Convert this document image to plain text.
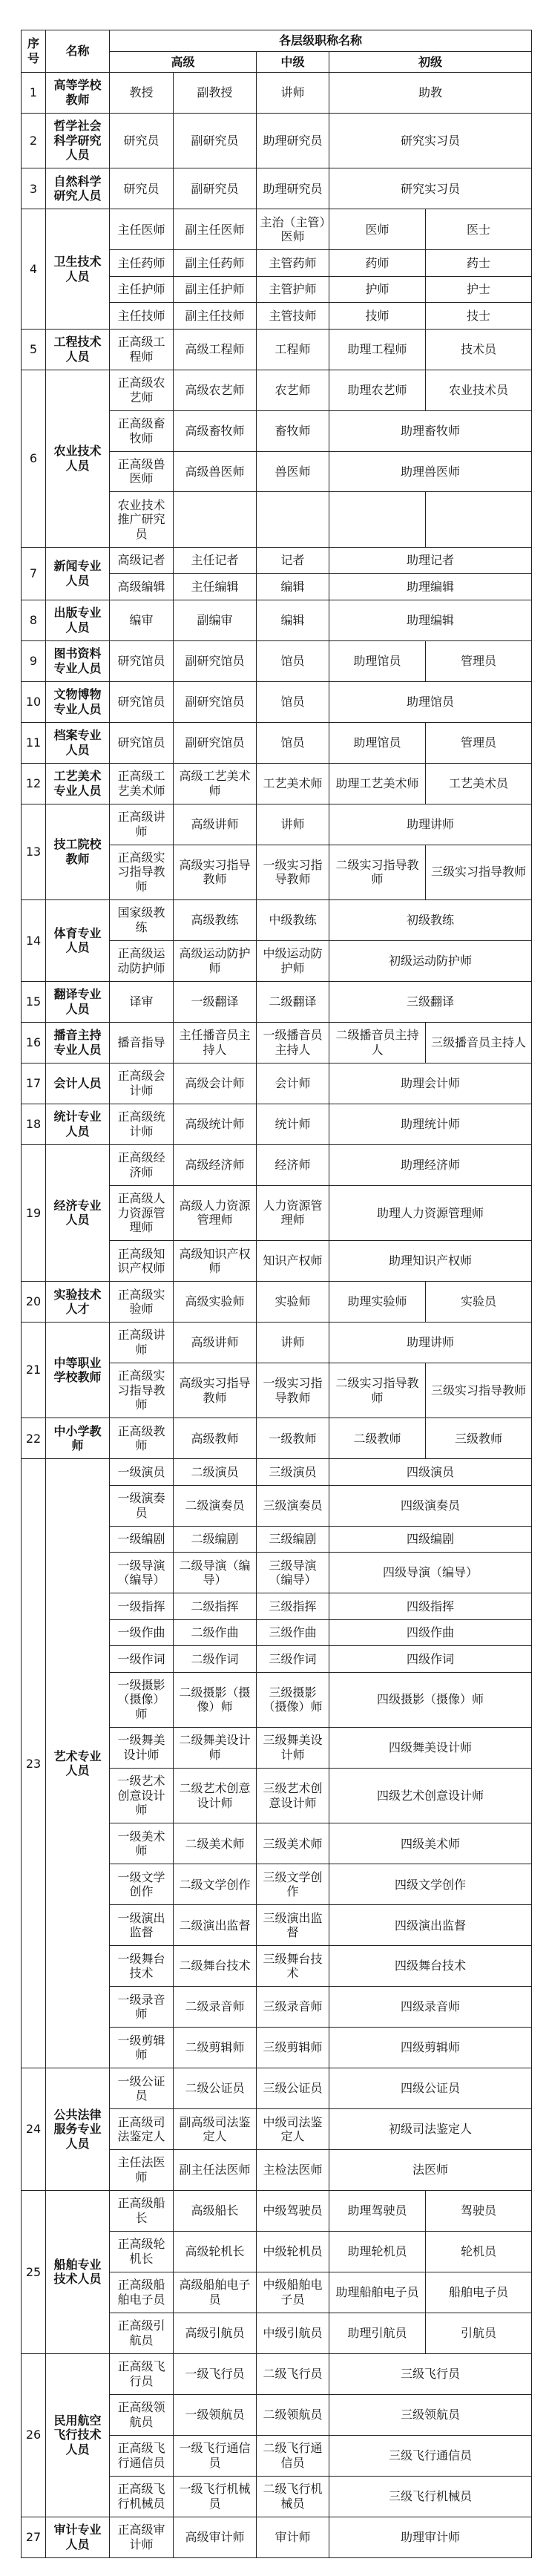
序号	名称	各层级职称名称				
		高级		中级	初级	
1	高等学校教师	教授	副教授	讲师	助教	
2	哲学社会科学研究人员	研究员	副研究员	助理研究员	研究实习员	
3	自然科学研究人员	研究员	副研究员	助理研究员	研究实习员	
4	卫生技术人员	主任医师	副主任医师	主治（主管）医师	医师	医士
		主任药师	副主任药师	主管药师	药师	药士
		主任护师	副主任护师	主管护师	护师	护士
		主任技师	副主任技师	主管技师	技师	技士
5	工程技术人员	正高级工程师	高级工程师	工程师	助理工程师	技术员
6	农业技术人员	正高级农艺师	高级农艺师	农艺师	助理农艺师	农业技术员
		正高级畜牧师	高级畜牧师	畜牧师	助理畜牧师	
		正高级兽医师	高级兽医师	兽医师	助理兽医师	
		农业技术推广研究员				
7	新闻专业人员	高级记者	主任记者	记者	助理记者	
		高级编辑	主任编辑	编辑	助理编辑	
8	出版专业人员	编审	副编审	编辑	助理编辑	
9	图书资料专业人员	研究馆员	副研究馆员	馆员	助理馆员	管理员
10	文物博物专业人员	研究馆员	副研究馆员	馆员	助理馆员	
11	档案专业人员	研究馆员	副研究馆员	馆员	助理馆员	管理员
12	工艺美术专业人员	正高级工艺美术师	高级工艺美术师	工艺美术师	助理工艺美术师	工艺美术员
13	技工院校教师	正高级讲师	高级讲师	讲师	助理讲师	
		正高级实习指导教师	高级实习指导教师	一级实习指导教师	二级实习指导教师	三级实习指导教师
14	体育专业人员	国家级教练	高级教练	中级教练	初级教练	
		正高级运动防护师	高级运动防护师	中级运动防护师	初级运动防护师	
15	翻译专业人员	译审	一级翻译	二级翻译	三级翻译	
16	播音主持专业人员	播音指导	主任播音员主持人	一级播音员主持人	二级播音员主持人	三级播音员主持人
17	会计人员	正高级会计师	高级会计师	会计师	助理会计师	
18	统计专业人员	正高级统计师	高级统计师	统计师	助理统计师	
19	经济专业人员	正高级经济师	高级经济师	经济师	助理经济师	
		正高级人力资源管理师	高级人力资源管理师	人力资源管理师	助理人力资源管理师	
		正高级知识产权师	高级知识产权师	知识产权师	助理知识产权师	
20	实验技术人才	正高级实验师	高级实验师	实验师	助理实验师	实验员
21	中等职业学校教师	正高级讲师	高级讲师	讲师	助理讲师	
		正高级实习指导教师	高级实习指导教师	一级实习指导教师	二级实习指导教师	三级实习指导教师
22	中小学教师	正高级教师	高级教师	一级教师	二级教师	三级教师
23	艺术专业人员	一级演员	二级演员	三级演员	四级演员	
		一级演奏员	二级演奏员	三级演奏员	四级演奏员	
		一级编剧	二级编剧	三级编剧	四级编剧	
		一级导演（编导）	二级导演（编导）	三级导演（编导）	四级导演（编导）	
		一级指挥	二级指挥	三级指挥	四级指挥	
		一级作曲	二级作曲	三级作曲	四级作曲	
		一级作词	二级作词	三级作词	四级作词	
		一级摄影（摄像）师	二级摄影（摄像）师	三级摄影（摄像）师	四级摄影（摄像）师	
		一级舞美设计师	二级舞美设计师	三级舞美设计师	四级舞美设计师	
		一级艺术创意设计师	二级艺术创意设计师	三级艺术创意设计师	四级艺术创意设计师	
		一级美术师	二级美术师	三级美术师	四级美术师	
		一级文学创作	二级文学创作	三级文学创作	四级文学创作	
		一级演出监督	二级演出监督	三级演出监督	四级演出监督	
		一级舞台技术	二级舞台技术	三级舞台技术	四级舞台技术	
		一级录音师	二级录音师	三级录音师	四级录音师	
		一级剪辑师	二级剪辑师	三级剪辑师	四级剪辑师	
24	公共法律服务专业人员	一级公证员	二级公证员	三级公证员	四级公证员	
		正高级司法鉴定人	副高级司法鉴定人	中级司法鉴定人	初级司法鉴定人	
		主任法医师	副主任法医师	主检法医师	法医师	
25	船舶专业技术人员	正高级船长	高级船长	中级驾驶员	助理驾驶员	驾驶员
		正高级轮机长	高级轮机长	中级轮机员	助理轮机员	轮机员
		正高级船舶电子员	高级船舶电子员	中级船舶电子员	助理船舶电子员	船舶电子员
		正高级引航员	高级引航员	中级引航员	助理引航员	引航员
26	民用航空飞行技术人员	正高级飞行员	一级飞行员	二级飞行员	三级飞行员	
		正高级领航员	一级领航员	二级领航员	三级领航员	
		正高级飞行通信员	一级飞行通信员	二级飞行通信员	三级飞行通信员	
		正高级飞行机械员	一级飞行机械员	二级飞行机械员	三级飞行机械员	
27	审计专业人员	正高级审计师	高级审计师	审计师	助理审计师	
